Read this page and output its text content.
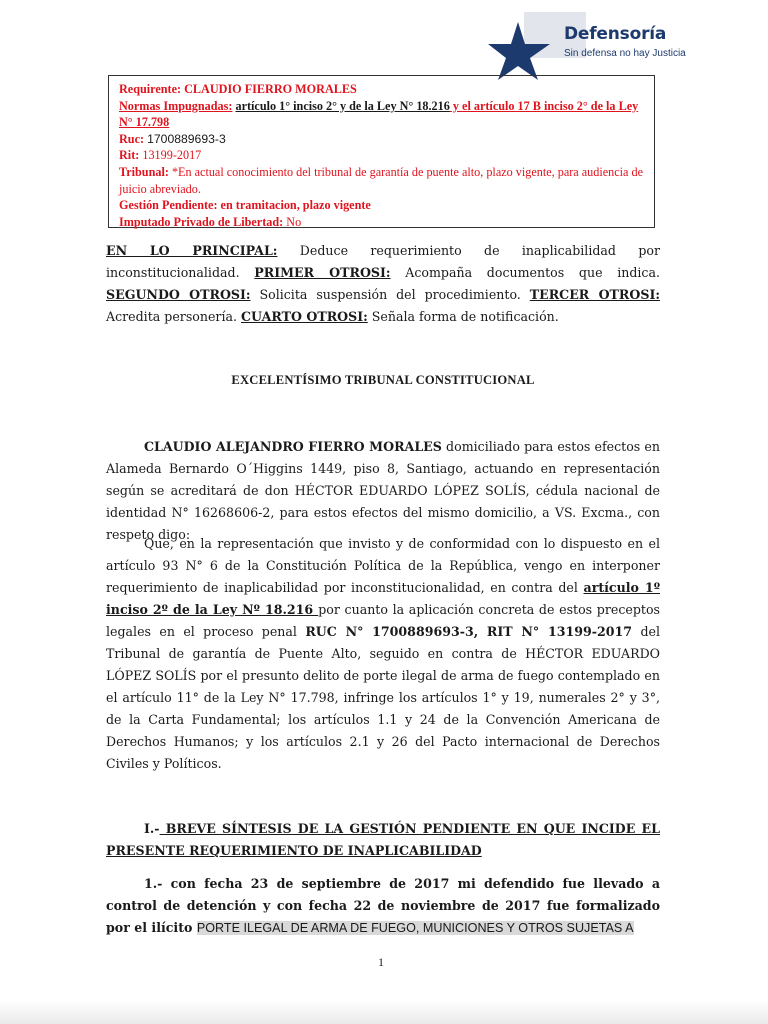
Defensoría
Sin defensa no hay Justicia

Requirente: CLAUDIO FIERRO MORALES

Normas Impugnadas: artículo 1° inciso 2° y de la Ley N° 18.216 y el artículo 17 B inciso 2° de la Ley N° 17.798

Ruc: 1700889693-3

Rit: 13199-2017

Tribunal: *En actual conocimiento del tribunal de garantía de puente alto, plazo vigente, para audiencia de juicio abreviado.

Gestión Pendiente: en tramitacion, plazo vigente

Imputado Privado de Libertad: No

EN LO PRINCIPAL: Deduce requerimiento de inaplicabilidad por inconstitucionalidad. PRIMER OTROSI: Acompaña documentos que indica. SEGUNDO OTROSI: Solicita suspensión del procedimiento. TERCER OTROSI: Acredita personería. CUARTO OTROSI: Señala forma de notificación.

EXCELENTÍSIMO TRIBUNAL CONSTITUCIONAL

CLAUDIO ALEJANDRO FIERRO MORALES domiciliado para estos efectos en Alameda Bernardo O´Higgins 1449, piso 8, Santiago, actuando en representación según se acreditará de don HÉCTOR EDUARDO LÓPEZ SOLÍS, cédula nacional de identidad N° 16268606-2, para estos efectos del mismo domicilio, a VS. Excma., con respeto digo:

Que, en la representación que invisto y de conformidad con lo dispuesto en el artículo 93 N° 6 de la Constitución Política de la República, vengo en interponer requerimiento de inaplicabilidad por inconstitucionalidad, en contra del artículo 1º inciso 2º de la Ley Nº 18.216 por cuanto la aplicación concreta de estos preceptos legales en el proceso penal RUC N° 1700889693-3, RIT N° 13199-2017 del Tribunal de garantía de Puente Alto, seguido en contra de HÉCTOR EDUARDO LÓPEZ SOLÍS por el presunto delito de porte ilegal de arma de fuego contemplado en el artículo 11° de la Ley N° 17.798, infringe los artículos 1° y 19, numerales 2° y 3°, de la Carta Fundamental; los artículos 1.1 y 24 de la Convención Americana de Derechos Humanos; y los artículos 2.1 y 26 del Pacto internacional de Derechos Civiles y Políticos.

I.- BREVE SÍNTESIS DE LA GESTIÓN PENDIENTE EN QUE INCIDE EL PRESENTE REQUERIMIENTO DE INAPLICABILIDAD

1.- con fecha 23 de septiembre de 2017 mi defendido fue llevado a control de detención y con fecha 22 de noviembre de 2017 fue formalizado por el ilícito PORTE ILEGAL DE ARMA DE FUEGO, MUNICIONES Y OTROS SUJETAS A

1
